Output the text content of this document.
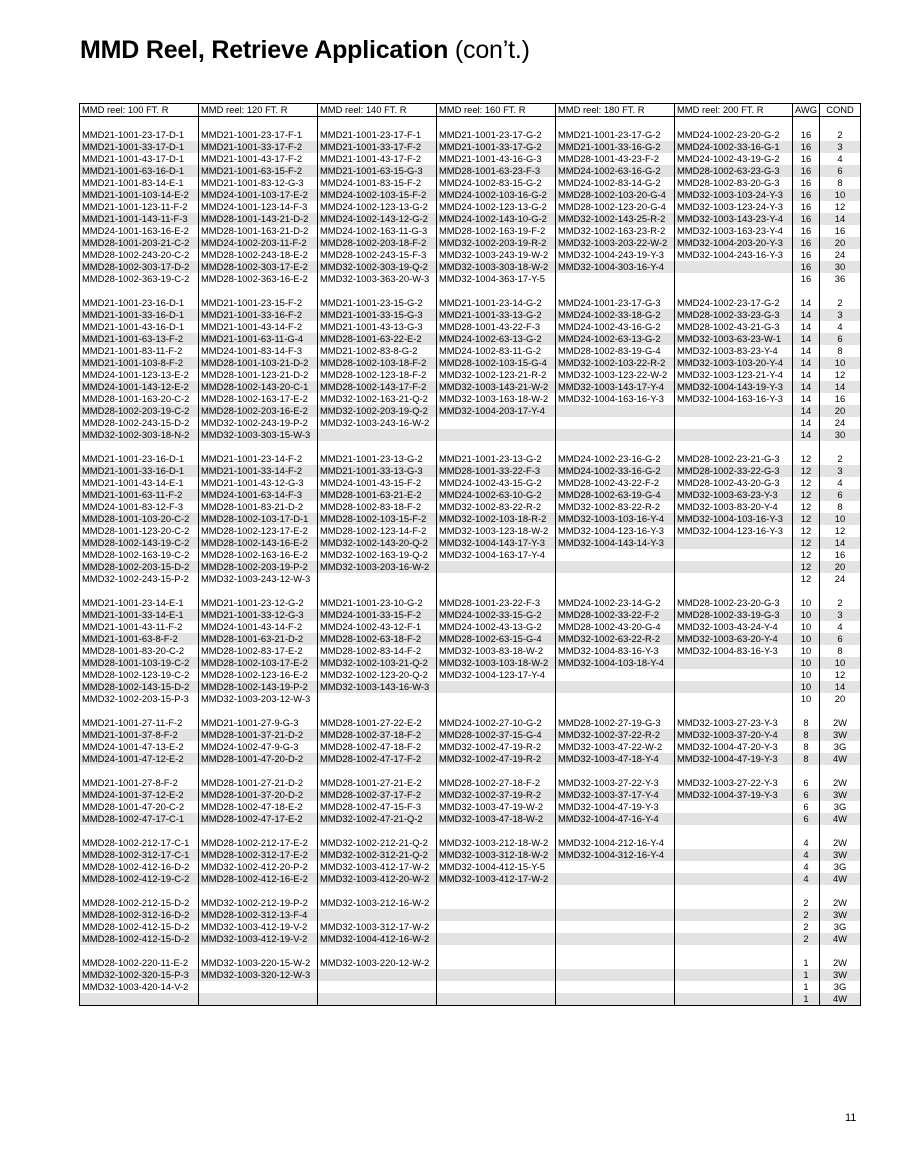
MMD Reel, Retrieve Application (con’t.)
MMD reel: 100 FT. R	MMD reel: 120 FT. R	MMD reel: 140 FT. R	MMD reel: 160 FT. R	MMD reel: 180 FT. R	MMD reel: 200 FT. R	AWG	COND

MMD21-1001-23-17-D-1	MMD21-1001-23-17-F-1	MMD21-1001-23-17-F-1	MMD21-1001-23-17-G-2	MMD21-1001-23-17-G-2	MMD24-1002-23-20-G-2	16	2
MMD21-1001-33-17-D-1	MMD21-1001-33-17-F-2	MMD21-1001-33-17-F-2	MMD21-1001-33-17-G-2	MMD21-1001-33-16-G-2	MMD24-1002-33-16-G-1	16	3
MMD21-1001-43-17-D-1	MMD21-1001-43-17-F-2	MMD21-1001-43-17-F-2	MMD21-1001-43-16-G-3	MMD28-1001-43-23-F-2	MMD24-1002-43-19-G-2	16	4
MMD21-1001-63-16-D-1	MMD21-1001-63-15-F-2	MMD21-1001-63-15-G-3	MMD28-1001-63-23-F-3	MMD24-1002-63-16-G-2	MMD28-1002-63-23-G-3	16	6
MMD21-1001-83-14-E-1	MMD21-1001-83-12-G-3	MMD24-1001-83-15-F-2	MMD24-1002-83-15-G-2	MMD24-1002-83-14-G-2	MMD28-1002-83-20-G-3	16	8
MMD21-1001-103-14-E-2	MMD24-1001-103-17-E-2	MMD24-1002-103-15-F-2	MMD24-1002-103-16-G-2	MMD28-1002-103-20-G-4	MMD32-1003-103-24-Y-3	16	10
MMD21-1001-123-11-F-2	MMD24-1001-123-14-F-3	MMD24-1002-123-13-G-2	MMD24-1002-123-13-G-2	MMD28-1002-123-20-G-4	MMD32-1003-123-24-Y-3	16	12
MMD21-1001-143-11-F-3	MMD28-1001-143-21-D-2	MMD24-1002-143-12-G-2	MMD24-1002-143-10-G-2	MMD32-1002-143-25-R-2	MMD32-1003-143-23-Y-4	16	14
MMD24-1001-163-16-E-2	MMD28-1001-163-21-D-2	MMD24-1002-163-11-G-3	MMD28-1002-163-19-F-2	MMD32-1002-163-23-R-2	MMD32-1003-163-23-Y-4	16	16
MMD28-1001-203-21-C-2	MMD24-1002-203-11-F-2	MMD28-1002-203-18-F-2	MMD32-1002-203-19-R-2	MMD32-1003-203-22-W-2	MMD32-1004-203-20-Y-3	16	20
MMD28-1002-243-20-C-2	MMD28-1002-243-18-E-2	MMD28-1002-243-15-F-3	MMD32-1003-243-19-W-2	MMD32-1004-243-19-Y-3	MMD32-1004-243-16-Y-3	16	24
MMD28-1002-303-17-D-2	MMD28-1002-303-17-E-2	MMD32-1002-303-19-Q-2	MMD32-1003-303-18-W-2	MMD32-1004-303-16-Y-4		16	30
MMD28-1002-363-19-C-2	MMD28-1002-363-16-E-2	MMD32-1003-363-20-W-3	MMD32-1004-363-17-Y-5			16	36

MMD21-1001-23-16-D-1	MMD21-1001-23-15-F-2	MMD21-1001-23-15-G-2	MMD21-1001-23-14-G-2	MMD24-1001-23-17-G-3	MMD24-1002-23-17-G-2	14	2
MMD21-1001-33-16-D-1	MMD21-1001-33-16-F-2	MMD21-1001-33-15-G-3	MMD21-1001-33-13-G-2	MMD24-1002-33-18-G-2	MMD28-1002-33-23-G-3	14	3
MMD21-1001-43-16-D-1	MMD21-1001-43-14-F-2	MMD21-1001-43-13-G-3	MMD28-1001-43-22-F-3	MMD24-1002-43-16-G-2	MMD28-1002-43-21-G-3	14	4
MMD21-1001-63-13-F-2	MMD21-1001-63-11-G-4	MMD28-1001-63-22-E-2	MMD24-1002-63-13-G-2	MMD24-1002-63-13-G-2	MMD32-1003-63-23-W-1	14	6
MMD21-1001-83-11-F-2	MMD24-1001-83-14-F-3	MMD21-1002-83-8-G-2	MMD24-1002-83-11-G-2	MMD28-1002-83-19-G-4	MMD32-1003-83-23-Y-4	14	8
MMD21-1001-103-8-F-2	MMD28-1001-103-21-D-2	MMD28-1002-103-18-F-2	MMD28-1002-103-15-G-4	MMD32-1002-103-22-R-2	MMD32-1003-103-20-Y-4	14	10
MMD24-1001-123-13-E-2	MMD28-1001-123-21-D-2	MMD28-1002-123-18-F-2	MMD32-1002-123-21-R-2	MMD32-1003-123-22-W-2	MMD32-1003-123-21-Y-4	14	12
MMD24-1001-143-12-E-2	MMD28-1002-143-20-C-1	MMD28-1002-143-17-F-2	MMD32-1003-143-21-W-2	MMD32-1003-143-17-Y-4	MMD32-1004-143-19-Y-3	14	14
MMD28-1001-163-20-C-2	MMD28-1002-163-17-E-2	MMD32-1002-163-21-Q-2	MMD32-1003-163-18-W-2	MMD32-1004-163-16-Y-3	MMD32-1004-163-16-Y-3	14	16
MMD28-1002-203-19-C-2	MMD28-1002-203-16-E-2	MMD32-1002-203-19-Q-2	MMD32-1004-203-17-Y-4			14	20
MMD28-1002-243-15-D-2	MMD32-1002-243-19-P-2	MMD32-1003-243-16-W-2				14	24
MMD32-1002-303-18-N-2	MMD32-1003-303-15-W-3					14	30

MMD21-1001-23-16-D-1	MMD21-1001-23-14-F-2	MMD21-1001-23-13-G-2	MMD21-1001-23-13-G-2	MMD24-1002-23-16-G-2	MMD28-1002-23-21-G-3	12	2
MMD21-1001-33-16-D-1	MMD21-1001-33-14-F-2	MMD21-1001-33-13-G-3	MMD28-1001-33-22-F-3	MMD24-1002-33-16-G-2	MMD28-1002-33-22-G-3	12	3
MMD21-1001-43-14-E-1	MMD21-1001-43-12-G-3	MMD24-1001-43-15-F-2	MMD24-1002-43-15-G-2	MMD28-1002-43-22-F-2	MMD28-1002-43-20-G-3	12	4
MMD21-1001-63-11-F-2	MMD24-1001-63-14-F-3	MMD28-1001-63-21-E-2	MMD24-1002-63-10-G-2	MMD28-1002-63-19-G-4	MMD32-1003-63-23-Y-3	12	6
MMD24-1001-83-12-F-3	MMD28-1001-83-21-D-2	MMD28-1002-83-18-F-2	MMD32-1002-83-22-R-2	MMD32-1002-83-22-R-2	MMD32-1003-83-20-Y-4	12	8
MMD28-1001-103-20-C-2	MMD28-1002-103-17-D-1	MMD28-1002-103-15-F-2	MMD32-1002-103-18-R-2	MMD32-1003-103-16-Y-4	MMD32-1004-103-16-Y-3	12	10
MMD28-1001-123-20-C-2	MMD28-1002-123-17-E-2	MMD28-1002-123-14-F-2	MMD32-1003-123-18-W-2	MMD32-1004-123-16-Y-3	MMD32-1004-123-16-Y-3	12	12
MMD28-1002-143-19-C-2	MMD28-1002-143-16-E-2	MMD32-1002-143-20-Q-2	MMD32-1004-143-17-Y-3	MMD32-1004-143-14-Y-3		12	14
MMD28-1002-163-19-C-2	MMD28-1002-163-16-E-2	MMD32-1002-163-19-Q-2	MMD32-1004-163-17-Y-4			12	16
MMD28-1002-203-15-D-2	MMD28-1002-203-19-P-2	MMD32-1003-203-16-W-2				12	20
MMD32-1002-243-15-P-2	MMD32-1003-243-12-W-3					12	24

MMD21-1001-23-14-E-1	MMD21-1001-23-12-G-2	MMD21-1001-23-10-G-2	MMD28-1001-23-22-F-3	MMD24-1002-23-14-G-2	MMD28-1002-23-20-G-3	10	2
MMD21-1001-33-14-E-1	MMD21-1001-33-12-G-3	MMD24-1001-33-15-F-2	MMD24-1002-33-15-G-2	MMD28-1002-33-22-F-2	MMD28-1002-33-19-G-3	10	3
MMD21-1001-43-11-F-2	MMD24-1001-43-14-F-2	MMD24-1002-43-12-F-1	MMD24-1002-43-13-G-2	MMD28-1002-43-20-G-4	MMD32-1003-43-24-Y-4	10	4
MMD21-1001-63-8-F-2	MMD28-1001-63-21-D-2	MMD28-1002-63-18-F-2	MMD28-1002-63-15-G-4	MMD32-1002-63-22-R-2	MMD32-1003-63-20-Y-4	10	6
MMD28-1001-83-20-C-2	MMD28-1002-83-17-E-2	MMD28-1002-83-14-F-2	MMD32-1003-83-18-W-2	MMD32-1004-83-16-Y-3	MMD32-1004-83-16-Y-3	10	8
MMD28-1001-103-19-C-2	MMD28-1002-103-17-E-2	MMD32-1002-103-21-Q-2	MMD32-1003-103-18-W-2	MMD32-1004-103-18-Y-4		10	10
MMD28-1002-123-19-C-2	MMD28-1002-123-16-E-2	MMD32-1002-123-20-Q-2	MMD32-1004-123-17-Y-4			10	12
MMD28-1002-143-15-D-2	MMD28-1002-143-19-P-2	MMD32-1003-143-16-W-3				10	14
MMD32-1002-203-15-P-3	MMD32-1003-203-12-W-3					10	20

MMD21-1001-27-11-F-2	MMD21-1001-27-9-G-3	MMD28-1001-27-22-E-2	MMD24-1002-27-10-G-2	MMD28-1002-27-19-G-3	MMD32-1003-27-23-Y-3	8	2W
MMD21-1001-37-8-F-2	MMD28-1001-37-21-D-2	MMD28-1002-37-18-F-2	MMD28-1002-37-15-G-4	MMD32-1002-37-22-R-2	MMD32-1003-37-20-Y-4	8	3W
MMD24-1001-47-13-E-2	MMD24-1002-47-9-G-3	MMD28-1002-47-18-F-2	MMD32-1002-47-19-R-2	MMD32-1003-47-22-W-2	MMD32-1004-47-20-Y-3	8	3G
MMD24-1001-47-12-E-2	MMD28-1001-47-20-D-2	MMD28-1002-47-17-F-2	MMD32-1002-47-19-R-2	MMD32-1003-47-18-Y-4	MMD32-1004-47-19-Y-3	8	4W

MMD21-1001-27-8-F-2	MMD28-1001-27-21-D-2	MMD28-1001-27-21-E-2	MMD28-1002-27-18-F-2	MMD32-1003-27-22-Y-3	MMD32-1003-27-22-Y-3	6	2W
MMD24-1001-37-12-E-2	MMD28-1001-37-20-D-2	MMD28-1002-37-17-F-2	MMD32-1002-37-19-R-2	MMD32-1003-37-17-Y-4	MMD32-1004-37-19-Y-3	6	3W
MMD28-1001-47-20-C-2	MMD28-1002-47-18-E-2	MMD28-1002-47-15-F-3	MMD32-1003-47-19-W-2	MMD32-1004-47-19-Y-3		6	3G
MMD28-1002-47-17-C-1	MMD28-1002-47-17-E-2	MMD32-1002-47-21-Q-2	MMD32-1003-47-18-W-2	MMD32-1004-47-16-Y-4		6	4W

MMD28-1002-212-17-C-1	MMD28-1002-212-17-E-2	MMD32-1002-212-21-Q-2	MMD32-1003-212-18-W-2	MMD32-1004-212-16-Y-4		4	2W
MMD28-1002-312-17-C-1	MMD28-1002-312-17-E-2	MMD32-1002-312-21-Q-2	MMD32-1003-312-18-W-2	MMD32-1004-312-16-Y-4		4	3W
MMD28-1002-412-16-D-2	MMD32-1002-412-20-P-2	MMD32-1003-412-17-W-2	MMD32-1004-412-15-Y-5			4	3G
MMD28-1002-412-19-C-2	MMD28-1002-412-16-E-2	MMD32-1003-412-20-W-2	MMD32-1003-412-17-W-2			4	4W

MMD28-1002-212-15-D-2	MMD32-1002-212-19-P-2	MMD32-1003-212-16-W-2				2	2W
MMD28-1002-312-16-D-2	MMD28-1002-312-13-F-4					2	3W
MMD28-1002-412-15-D-2	MMD32-1003-412-19-V-2	MMD32-1003-312-17-W-2				2	3G
MMD28-1002-412-15-D-2	MMD32-1003-412-19-V-2	MMD32-1004-412-16-W-2				2	4W

MMD28-1002-220-11-E-2	MMD32-1003-220-15-W-2	MMD32-1003-220-12-W-2				1	2W
MMD32-1002-320-15-P-3	MMD32-1003-320-12-W-3					1	3W
MMD32-1003-420-14-V-2						1	3G
						1	4W
11
